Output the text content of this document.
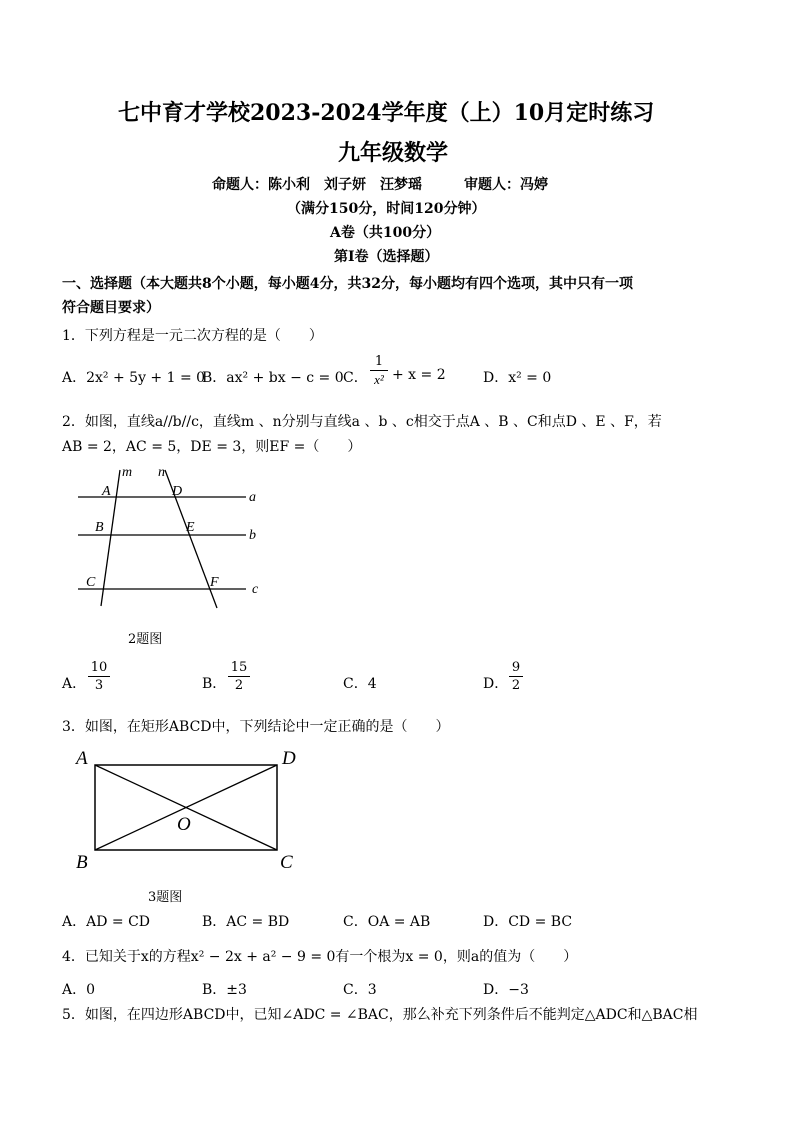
七中育才学校2023-2024学年度（上）10月定时练习
九年级数学
命题人：陈小利　刘子妍　汪梦瑶　　　审题人：冯婷
（满分150分，时间120分钟）
A卷（共100分）
第Ⅰ卷（选择题）
一、选择题（本大题共8个小题，每小题4分，共32分，每小题均有四个选项，其中只有一项
符合题目要求）
1．下列方程是一元二次方程的是（　　）
A．2x² + 5y + 1 = 0
B．ax² + bx − c = 0 C．
1
x² + x = 2	D．x² = 0
2．如图，直线a//b//c，直线m 、n分别与直线a 、b 、c相交于点A 、B 、C和点D 、E 、F，若
AB = 2，AC = 5，DE = 3，则EF =（　　）
m n
a
b
c
A
B
C
D
E
F
2题图
A．
10
3	B．
15
2	C．4	D．
9
2
3．如图，在矩形ABCD中，下列结论中一定正确的是（　　）
A	D
B	C
O
3题图
A．AD = CD	B．AC = BD	C．OA = AB	D．CD = BC
4．已知关于x的方程x² − 2x + a² − 9 = 0有一个根为x = 0，则a的值为（　　）
A．0	B．±3	C．3	D．−3
5．如图，在四边形ABCD中，已知∠ADC = ∠BAC，那么补充下列条件后不能判定△ADC和△BAC相
